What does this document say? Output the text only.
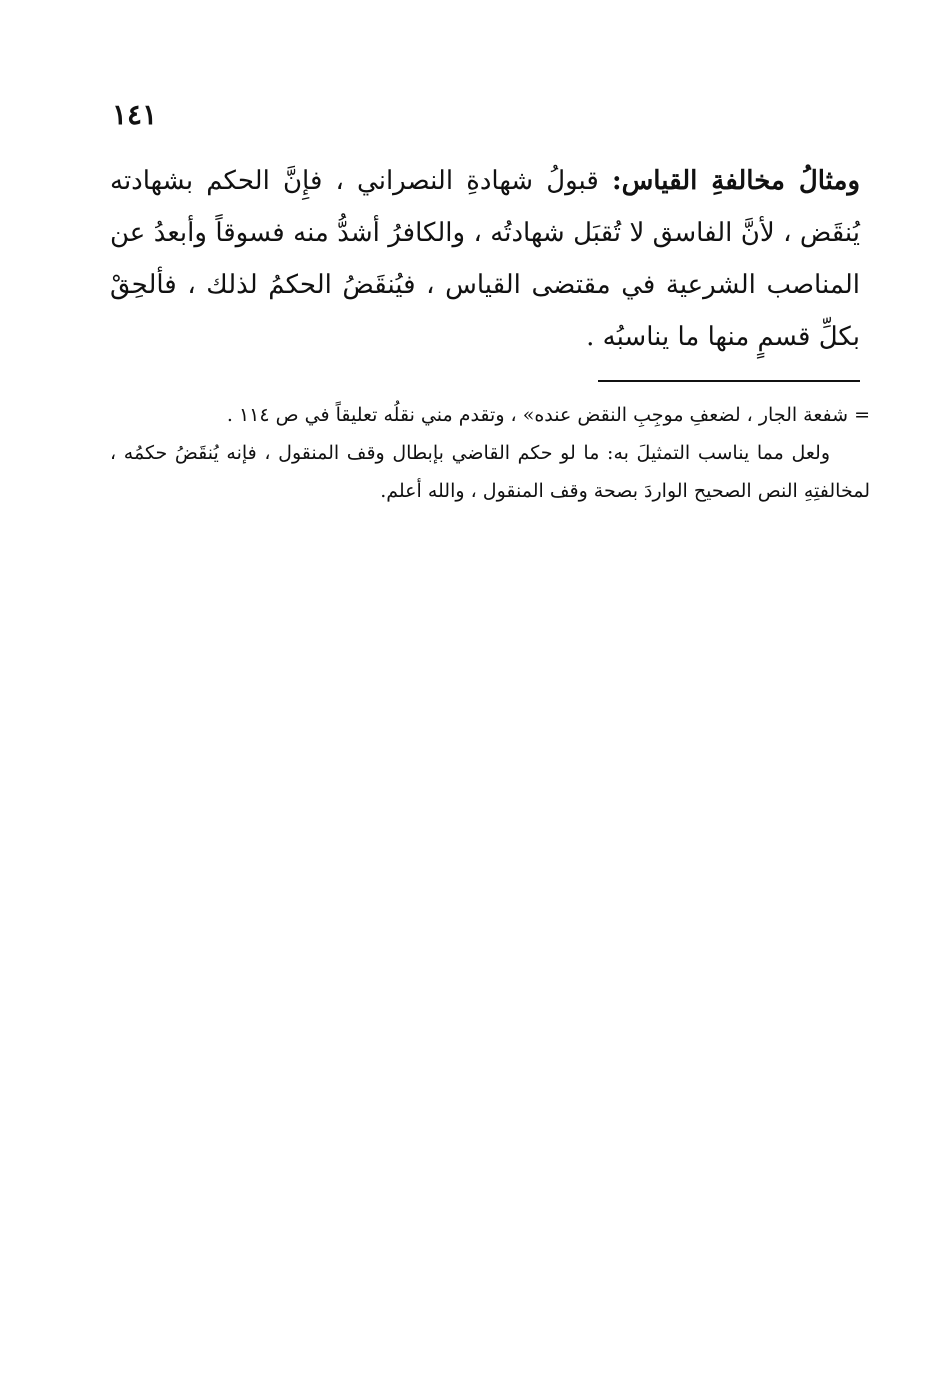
١٤١
ومثالُ مخالفةِ القياس: قبولُ شهادةِ النصراني ، فإِنَّ الحكم بشهادته يُنقَض ، لأنَّ الفاسق لا تُقبَل شهادتُه ، والكافرُ أشدُّ منه فسوقاً وأبعدُ عن المناصب الشرعية في مقتضى القياس ، فيُنقَضُ الحكمُ لذلك ، فألحِقْ بكلِّ قسمٍ منها ما يناسبُه .

=شفعة الجار ، لضعفِ موجِبِ النقض عنده» ، وتقدم مني نقلُه تعليقاً في ص ١١٤ .

ولعل مما يناسب التمثيلَ به: ما لو حكم القاضي بإبطال وقف المنقول ، فإنه يُنقَضُ حكمُه ، لمخالفتِهِ النص الصحيح الواردَ بصحة وقف المنقول ، والله أعلم.
